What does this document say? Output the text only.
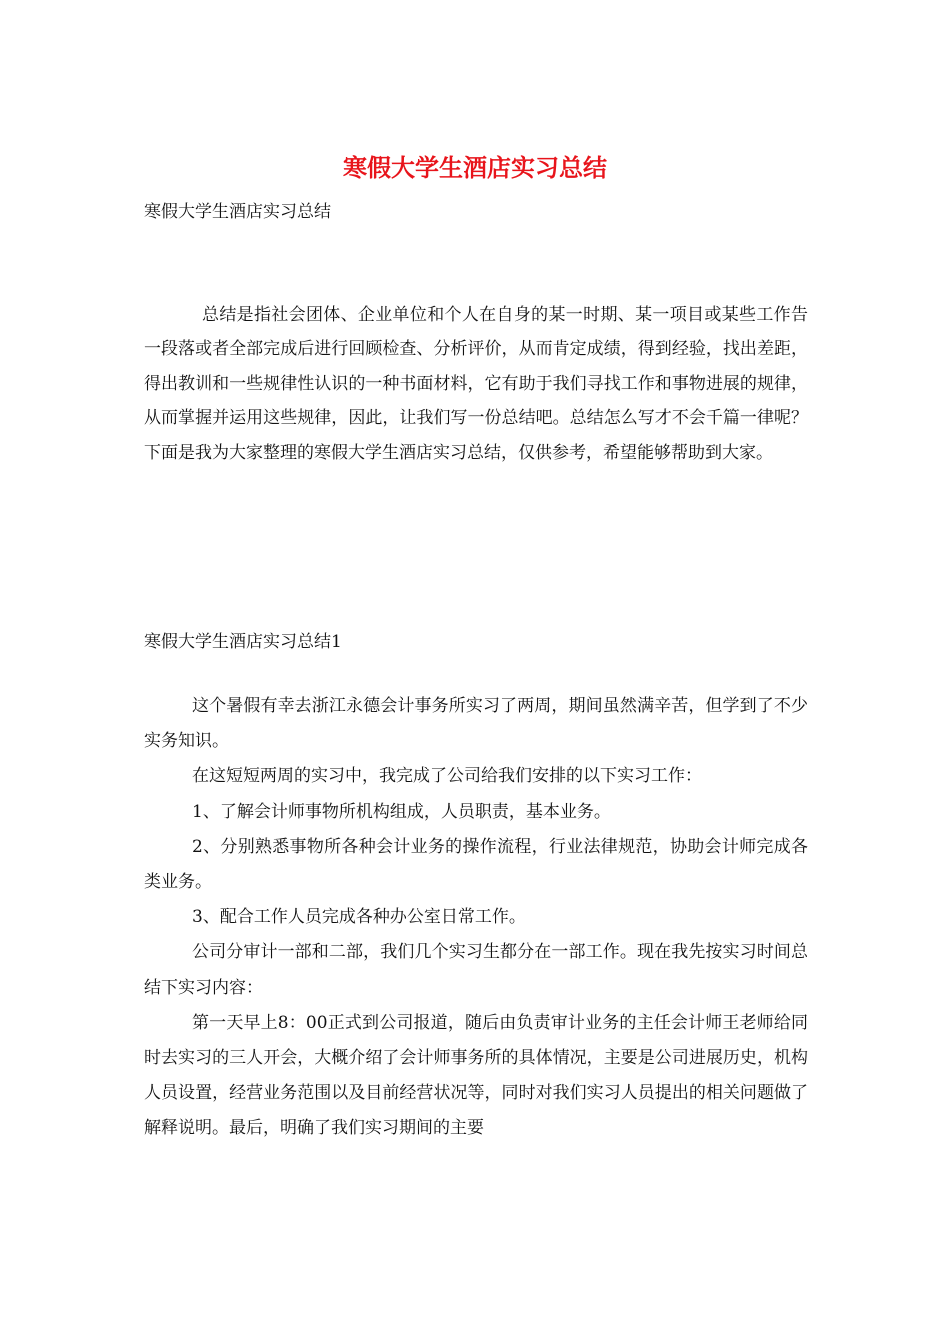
寒假大学生酒店实习总结

寒假大学生酒店实习总结

总结是指社会团体、企业单位和个人在自身的某一时期、某一项目或某些工作告一段落或者全部完成后进行回顾检查、分析评价，从而肯定成绩，得到经验，找出差距，得出教训和一些规律性认识的一种书面材料，它有助于我们寻找工作和事物进展的规律，从而掌握并运用这些规律，因此，让我们写一份总结吧。总结怎么写才不会千篇一律呢？下面是我为大家整理的寒假大学生酒店实习总结，仅供参考，希望能够帮助到大家。

寒假大学生酒店实习总结1

这个暑假有幸去浙江永德会计事务所实习了两周，期间虽然满辛苦，但学到了不少实务知识。

在这短短两周的实习中，我完成了公司给我们安排的以下实习工作：

1、了解会计师事物所机构组成，人员职责，基本业务。

2、分别熟悉事物所各种会计业务的操作流程，行业法律规范，协助会计师完成各类业务。

3、配合工作人员完成各种办公室日常工作。

公司分审计一部和二部，我们几个实习生都分在一部工作。现在我先按实习时间总结下实习内容：

第一天早上8：00正式到公司报道，随后由负责审计业务的主任会计师王老师给同时去实习的三人开会，大概介绍了会计师事务所的具体情况，主要是公司进展历史，机构人员设置，经营业务范围以及目前经营状况等，同时对我们实习人员提出的相关问题做了解释说明。最后，明确了我们实习期间的主要
